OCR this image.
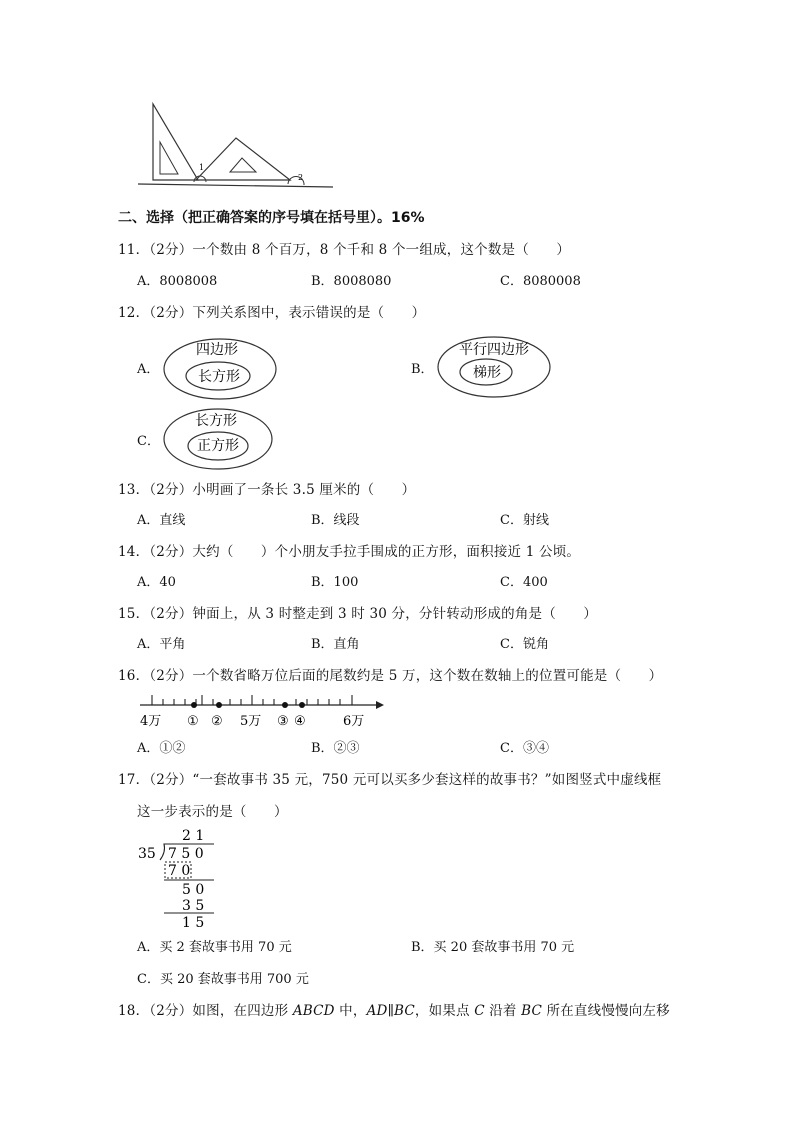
1
2
二、选择（把正确答案的序号填在括号里）。16%
11．（2分）一个数由 8 个百万，8 个千和 8 个一组成，这个数是（　　）
A．8008008	B．8008080	C．8080008
12．（2分）下列关系图中，表示错误的是（　　）
A．
四边形
长方形	B．
平行四边形
梯形
C．
长方形
正方形
13．（2分）小明画了一条长 3.5 厘米的（　　）
A．直线	B．线段	C．射线
14．（2分）大约（　　）个小朋友手拉手围成的正方形，面积接近 1 公顷。
A．40	B．100	C．400
15．（2分）钟面上，从 3 时整走到 3 时 30 分，分针转动形成的角是（　　）
A．平角	B．直角	C．锐角
16．（2分）一个数省略万位后面的尾数约是 5 万，这个数在数轴上的位置可能是（　　）
4万 ① ② 5万 ③ ④	6万
A．①②	B．②③	C．③④
17．（2分）“一套故事书 35 元，750 元可以买多少套这样的故事书？”如图竖式中虚线框
这一步表示的是（　　）
2 1
35 7 5 0
7 0
5 0
3 5
1 5
A．买 2 套故事书用 70 元	B．买 20 套故事书用 70 元
C．买 20 套故事书用 700 元
18．（2分）如图，在四边形 ABCD 中，AD∥BC，如果点 C 沿着 BC 所在直线慢慢向左移
